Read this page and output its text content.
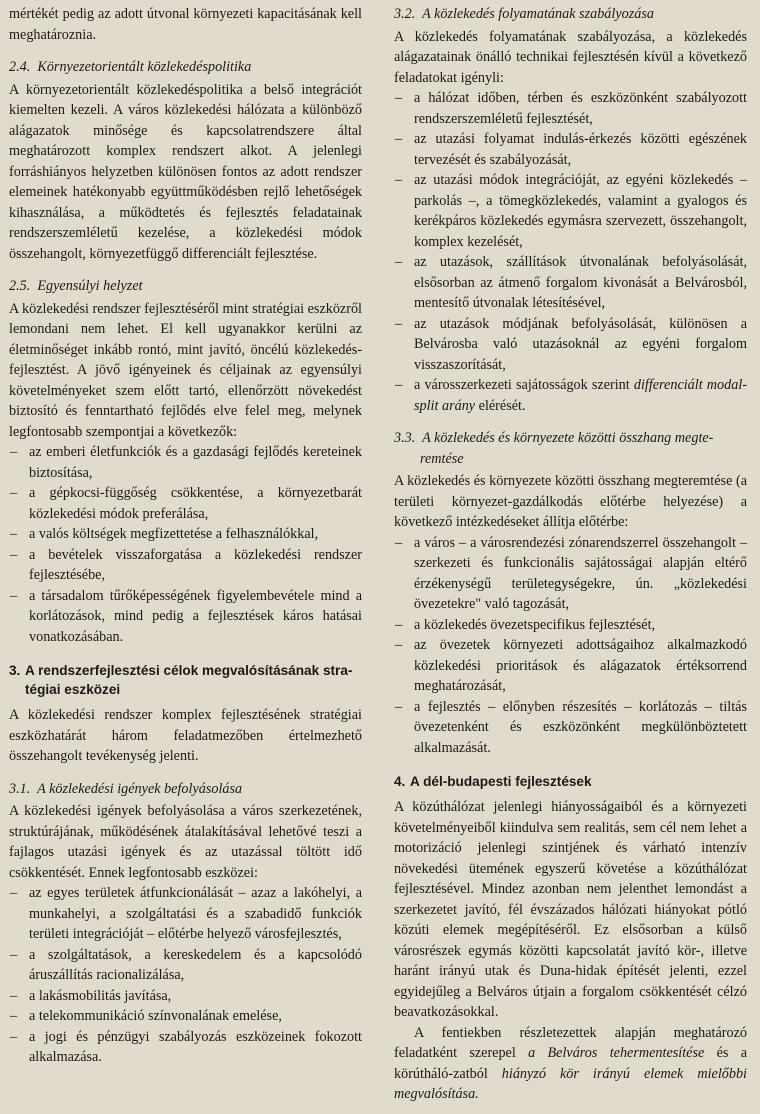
mértékét pedig az adott útvonal környezeti kapacitásának kell meghatároznia.

2.4. Környezetorientált közlekedéspolitika

A környezetorientált közlekedéspolitika a belső integrációt kiemelten kezeli. A város közlekedési hálózata a különböző alágazatok minősége és kapcsolatrendszere által meghatározott komplex rendszert alkot. A jelenlegi forráshiányos helyzetben különösen fontos az adott rendszer elemeinek hatékonyabb együttműködésben rejlő lehetőségek kihasználása, a működtetés és fejlesztés feladatainak rendszerszemléletű kezelése, a közlekedési módok összehangolt, környezetfüggő differenciált fejlesztése.

2.5. Egyensúlyi helyzet

A közlekedési rendszer fejlesztéséről mint stratégiai eszközről lemondani nem lehet. El kell ugyanakkor kerülni az életminőséget inkább rontó, mint javító, öncélú közlekedés-fejlesztést. A jövő igényeinek és céljainak az egyensúlyi követelményeket szem előtt tartó, ellenőrzött növekedést biztosító és fenntartható fejlődés elve felel meg, melynek legfontosabb szempontjai a következők:

– az emberi életfunkciók és a gazdasági fejlődés kereteinek biztosítása,
– a gépkocsi-függőség csökkentése, a környezetbarát közlekedési módok preferálása,
– a valós költségek megfizettetése a felhasználókkal,
– a bevételek visszaforgatása a közlekedési rendszer fejlesztésébe,
– a társadalom tűrőképességének figyelembevétele mind a korlátozások, mind pedig a fejlesztések káros hatásai vonatkozásában.
3. A rendszerfejlesztési célok megvalósításának stra-
tégiai eszközei

A közlekedési rendszer komplex fejlesztésének stratégiai eszközhatárát három feladatmezőben értelmezhető összehangolt tevékenység jelenti.

3.1. A közlekedési igények befolyásolása

A közlekedési igények befolyásolása a város szerkezetének, struktúrájának, működésének átalakításával lehetővé teszi a fajlagos utazási igények és az utazással töltött idő csökkentését. Ennek legfontosabb eszközei:

– az egyes területek átfunkcionálását – azaz a lakóhelyi, a munkahelyi, a szolgáltatási és a szabadidő funkciók területi integrációját – előtérbe helyező városfejlesztés,
– a szolgáltatások, a kereskedelem és a kapcsolódó áruszállítás racionalizálása,
– a lakásmobilitás javítása,
– a telekommunikáció színvonalának emelése,
– a jogi és pénzügyi szabályozás eszközeinek fokozott alkalmazása.

3.2. A közlekedés folyamatának szabályozása

A közlekedés folyamatának szabályozása, a közlekedés alágazatainak önálló technikai fejlesztésén kívül a következő feladatokat igényli:

– a hálózat időben, térben és eszközönként szabályozott rendszerszemléletű fejlesztését,
– az utazási folyamat indulás-érkezés közötti egészének tervezését és szabályozását,
– az utazási módok integrációját, az egyéni közlekedés – parkolás –, a tömegközlekedés, valamint a gyalogos és kerékpáros közlekedés egymásra szervezett, összehangolt, komplex kezelését,
– az utazások, szállítások útvonalának befolyásolását, elsősorban az átmenő forgalom kivonását a Belvárosból, mentesítő útvonalak létesítésével,
– az utazások módjának befolyásolását, különösen a Belvárosba való utazásoknál az egyéni forgalom visszaszorítását,
– a városszerkezeti sajátosságok szerint differenciált modal-split arány elérését.

3.3. A közlekedés és környezete közötti összhang megte-
remtése

A közlekedés és környezete közötti összhang megteremtése (a területi környezet-gazdálkodás előtérbe helyezése) a következő intézkedéseket állítja előtérbe:

– a város – a városrendezési zónarendszerrel összehangolt – szerkezeti és funkcionális sajátosságai alapján eltérő érzékenységű területegységekre, ún. „közlekedési övezetekre" való tagozását,
– a közlekedés övezetspecifikus fejlesztését,
– az övezetek környezeti adottságaihoz alkalmazkodó közlekedési prioritások és alágazatok értéksorrend meghatározását,
– a fejlesztés – előnyben részesítés – korlátozás – tiltás övezetenként és eszközönként megkülönböztetett alkalmazását.
4. A dél-budapesti fejlesztések

A közúthálózat jelenlegi hiányosságaiból és a környezeti követelményeiből kiindulva sem realitás, sem cél nem lehet a motorizáció jelenlegi szintjének és várható intenzív növekedési ütemének egyszerű követése a közúthálózat fejlesztésével. Mindez azonban nem jelenthet lemondást a szerkezetet javító, fél évszázados hálózati hiányokat pótló közúti elemek megépítéséről. Ez elsősorban a külső városrészek egymás közötti kapcsolatát javító kör-, illetve haránt irányú utak és Duna-hidak építését jelenti, ezzel egyidejűleg a Belváros útjain a forgalom csökkentését célzó beavatkozásokkal.

A fentiekben részletezettek alapján meghatározó feladatként szerepel a Belváros tehermentesítése és a körútháló-zatból hiányzó kör irányú elemek mielőbbi megvalósítása.
